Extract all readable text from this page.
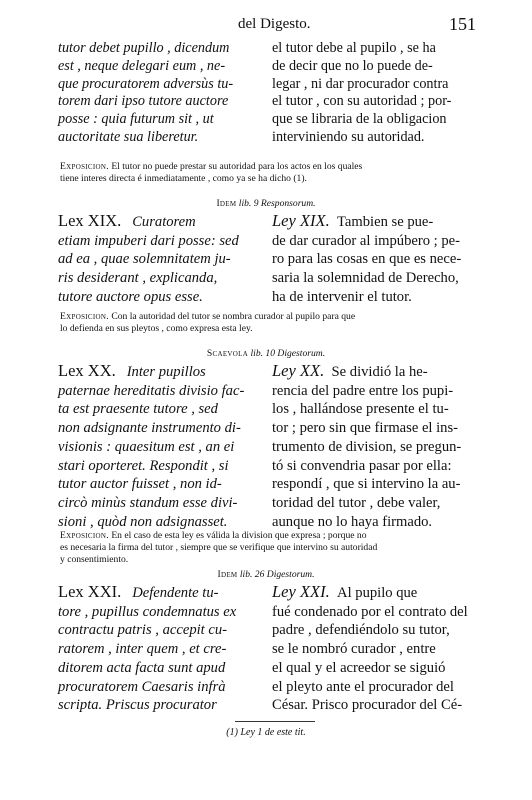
del Digesto.	151
tutor debet pupillo , dicendum
est , neque delegari eum , ne-
que procuratorem adversùs tu-
torem dari ipso tutore auctore
posse : quia futurum sit , ut
auctoritate sua liberetur.
el tutor debe al pupilo , se ha
de decir que no lo puede de-
legar , ni dar procurador contra
el tutor , con su autoridad ; por-
que se libraria de la obligacion
interviniendo su autoridad.
Exposicion. El tutor no puede prestar su autoridad para los actos en los quales
tiene interes directa é inmediatamente , como ya se ha dicho (1).
Idem lib. 9 Responsorum.
Lex XIX. Curatorem
etiam impuberi dari posse: sed
ad ea , quae solemnitatem ju-
ris desiderant , explicanda,
tutore auctore opus esse.
Ley XIX. Tambien se pue-
de dar curador al impúbero ; pe-
ro para las cosas en que es nece-
saria la solemnidad de Derecho,
ha de intervenir el tutor.
Exposicion. Con la autoridad del tutor se nombra curador al pupilo para que
lo defienda en sus pleytos , como expresa esta ley.
Scaevola lib. 10 Digestorum.
Lex XX. Inter pupillos
paternae hereditatis divisio fac-
ta est praesente tutore , sed
non adsignante instrumento di-
visionis : quaesitum est , an ei
stari oporteret. Respondit , si
tutor auctor fuisset , non id-
circò minùs standum esse divi-
sioni , quòd non adsignasset.
Ley XX. Se dividió la he-
rencia del padre entre los pupi-
los , hallándose presente el tu-
tor ; pero sin que firmase el ins-
trumento de division, se pregun-
tó si convendria pasar por ella:
respondí , que si intervino la au-
toridad del tutor , debe valer,
aunque no lo haya firmado.
Exposicion. En el caso de esta ley es válida la division que expresa ; porque no
es necesaria la firma del tutor , siempre que se verifique que intervino su autoridad
y consentimiento.
Idem lib. 26 Digestorum.
Lex XXI. Defendente tu-
tore , pupillus condemnatus ex
contractu patris , accepit cu-
ratorem , inter quem , et cre-
ditorem acta facta sunt apud
procuratorem Caesaris infrà
scripta. Priscus procurator
Ley XXI. Al pupilo que
fué condenado por el contrato del
padre , defendiéndolo su tutor,
se le nombró curador , entre
el qual y el acreedor se siguió
el pleyto ante el procurador del
César. Prisco procurador del Cé-
(1) Ley 1 de este tit.
